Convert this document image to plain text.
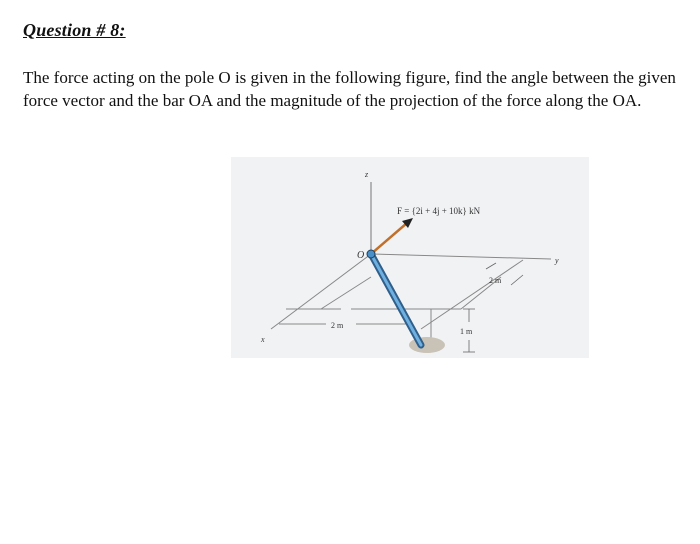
Question # 8:
The force acting on the pole O is given in the following figure, find the angle between the given force vector and the bar OA and the magnitude of the projection of the force along the OA.
F = {2i + 4j + 10k} kN
O
z
y
x
2 m
2 m
1 m
